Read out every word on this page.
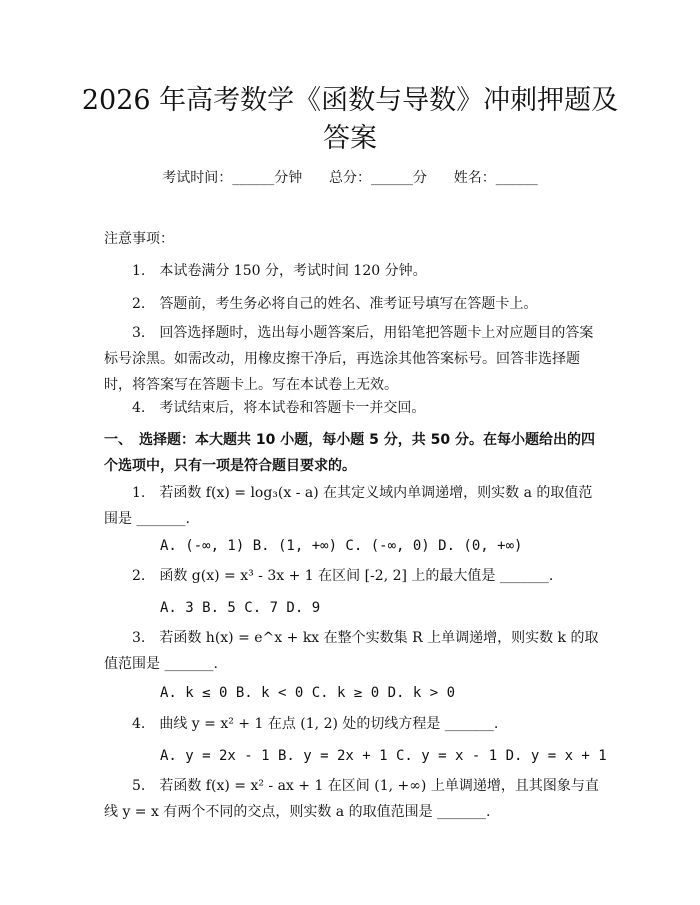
2026 年高考数学《函数与导数》冲刺押题及答案
考试时间：______分钟 总分：______分 姓名：______

注意事项：

1.　本试卷满分 150 分，考试时间 120 分钟。

2.　答题前，考生务必将自己的姓名、准考证号填写在答题卡上。

3.　回答选择题时，选出每小题答案后，用铅笔把答题卡上对应题目的答案标号涂黑。如需改动，用橡皮擦干净后，再选涂其他答案标号。回答非选择题时，将答案写在答题卡上。写在本试卷上无效。

4.　考试结束后，将本试卷和答题卡一并交回。

一、　选择题：本大题共 10 小题，每小题 5 分，共 50 分。在每小题给出的四个选项中，只有一项是符合题目要求的。

1.　若函数 f(x) = log₃(x - a) 在其定义域内单调递增，则实数 a 的取值范围是 _______.

A. (-∞, 1) B. (1, +∞) C. (-∞, 0) D. (0, +∞)

2.　函数 g(x) = x³ - 3x + 1 在区间 [-2, 2] 上的最大值是 _______.

A. 3 B. 5 C. 7 D. 9

3.　若函数 h(x) = e^x + kx 在整个实数集 R 上单调递增，则实数 k 的取值范围是 _______.

A. k ≤ 0 B. k < 0 C. k ≥ 0 D. k > 0

4.　曲线 y = x² + 1 在点 (1, 2) 处的切线方程是 _______.

A. y = 2x - 1 B. y = 2x + 1 C. y = x - 1 D. y = x + 1

5.　若函数 f(x) = x² - ax + 1 在区间 (1, +∞) 上单调递增，且其图象与直线 y = x 有两个不同的交点，则实数 a 的取值范围是 _______.
